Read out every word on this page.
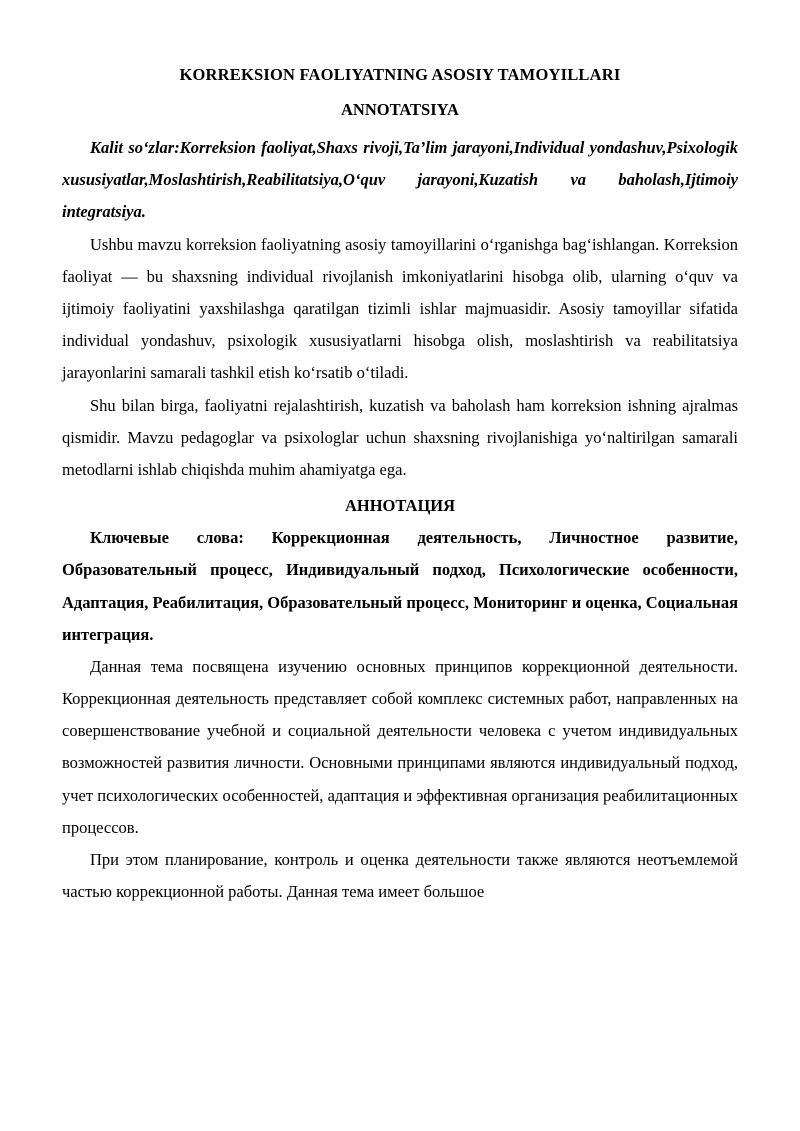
KORREKSION FAOLIYATNING ASOSIY TAMOYILLARI
ANNOTATSIYA

Kalit so‘zlar:Korreksion faoliyat,Shaxs rivoji,Ta’lim jarayoni,Individual yondashuv,Psixologik xususiyatlar,Moslashtirish,Reabilitatsiya,O‘quv jarayoni,Kuzatish va baholash,Ijtimoiy integratsiya.

Ushbu mavzu korreksion faoliyatning asosiy tamoyillarini o‘rganishga bag‘ishlangan. Korreksion faoliyat — bu shaxsning individual rivojlanish imkoniyatlarini hisobga olib, ularning o‘quv va ijtimoiy faoliyatini yaxshilashga qaratilgan tizimli ishlar majmuasidir. Asosiy tamoyillar sifatida individual yondashuv, psixologik xususiyatlarni hisobga olish, moslashtirish va reabilitatsiya jarayonlarini samarali tashkil etish ko‘rsatib o‘tiladi.

Shu bilan birga, faoliyatni rejalashtirish, kuzatish va baholash ham korreksion ishning ajralmas qismidir. Mavzu pedagoglar va psixologlar uchun shaxsning rivojlanishiga yo‘naltirilgan samarali metodlarni ishlab chiqishda muhim ahamiyatga ega.

АННОТАЦИЯ

Ключевые слова: Коррекционная деятельность, Личностное развитие, Образовательный процесс, Индивидуальный подход, Психологические особенности, Адаптация, Реабилитация, Образовательный процесс, Мониторинг и оценка, Социальная интеграция.

Данная тема посвящена изучению основных принципов коррекционной деятельности. Коррекционная деятельность представляет собой комплекс системных работ, направленных на совершенствование учебной и социальной деятельности человека с учетом индивидуальных возможностей развития личности. Основными принципами являются индивидуальный подход, учет психологических особенностей, адаптация и эффективная организация реабилитационных процессов.

При этом планирование, контроль и оценка деятельности также являются неотъемлемой частью коррекционной работы. Данная тема имеет большое
